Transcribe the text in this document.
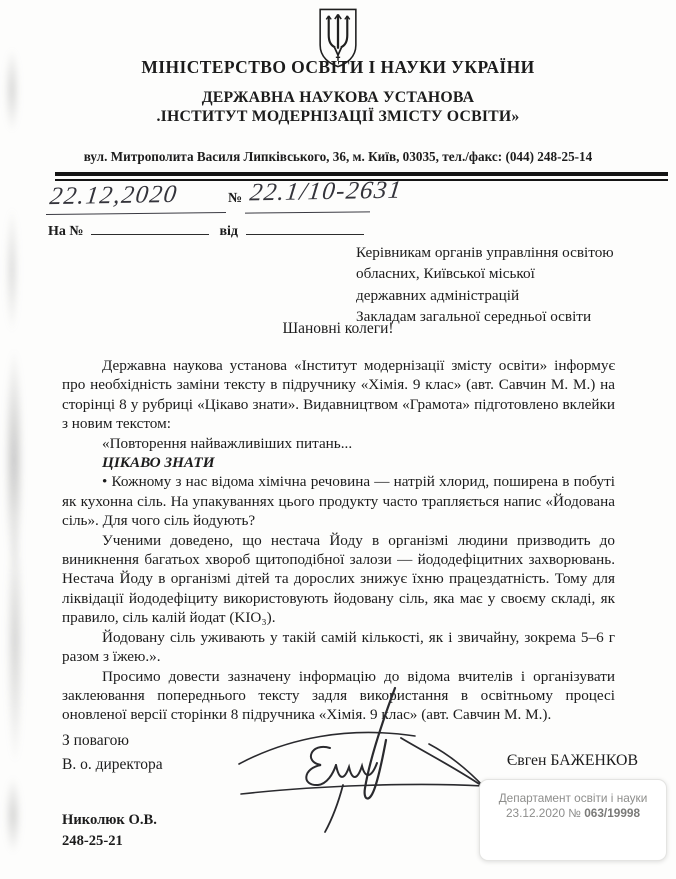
МІНІСТЕРСТВО ОСВІТИ І НАУКИ УКРАЇНИ
ДЕРЖАВНА НАУКОВА УСТАНОВА
.ІНСТИТУТ МОДЕРНІЗАЦІЇ ЗМІСТУ ОСВІТИ»
вул. Митрополита Василя Липківського, 36, м. Київ, 03035, тел./факс: (044) 248-25-14
22.12,2020	№ 22.1/10-2631
На №	від
Керівникам органів управління освітою
обласних, Київської міської
державних адміністрацій
Закладам загальної середньої освіти
Шановні колеги!

Державна наукова установа «Інститут модернізації змісту освіти» інформує про необхідність заміни тексту в підручнику «Хімія. 9 клас» (авт. Савчин М. М.) на сторінці 8 у рубриці «Цікаво знати». Видавництвом «Грамота» підготовлено вклейки з новим текстом:

«Повторення найважливіших питань...

ЦІКАВО ЗНАТИ

• Кожному з нас відома хімічна речовина — натрій хлорид, поширена в побуті як кухонна сіль. На упакуваннях цього продукту часто трапляється напис «Йодована сіль». Для чого сіль йодують?

Ученими доведено, що нестача Йоду в організмі людини призводить до виникнення багатьох хвороб щитоподібної залози — йододефіцитних захворювань. Нестача Йоду в організмі дітей та дорослих знижує їхню працездатність. Тому для ліквідації йододефіциту використовують йодовану сіль, яка має у своєму складі, як правило, сіль калій йодат (KIO₃).

Йодовану сіль уживають у такій самій кількості, як і звичайну, зокрема 5–6 г разом з їжею.».

Просимо довести зазначену інформацію до відома вчителів і організувати заклеювання попереднього тексту задля використання в освітньому процесі оновленої версії сторінки 8 підручника «Хімія. 9 клас» (авт. Савчин М. М.).

З повагою
В. о. директора	Євген БАЖЕНКОВ
Николюк О.В.
248-25-21
Департамент освіти і науки
23.12.2020 № 063/19998
